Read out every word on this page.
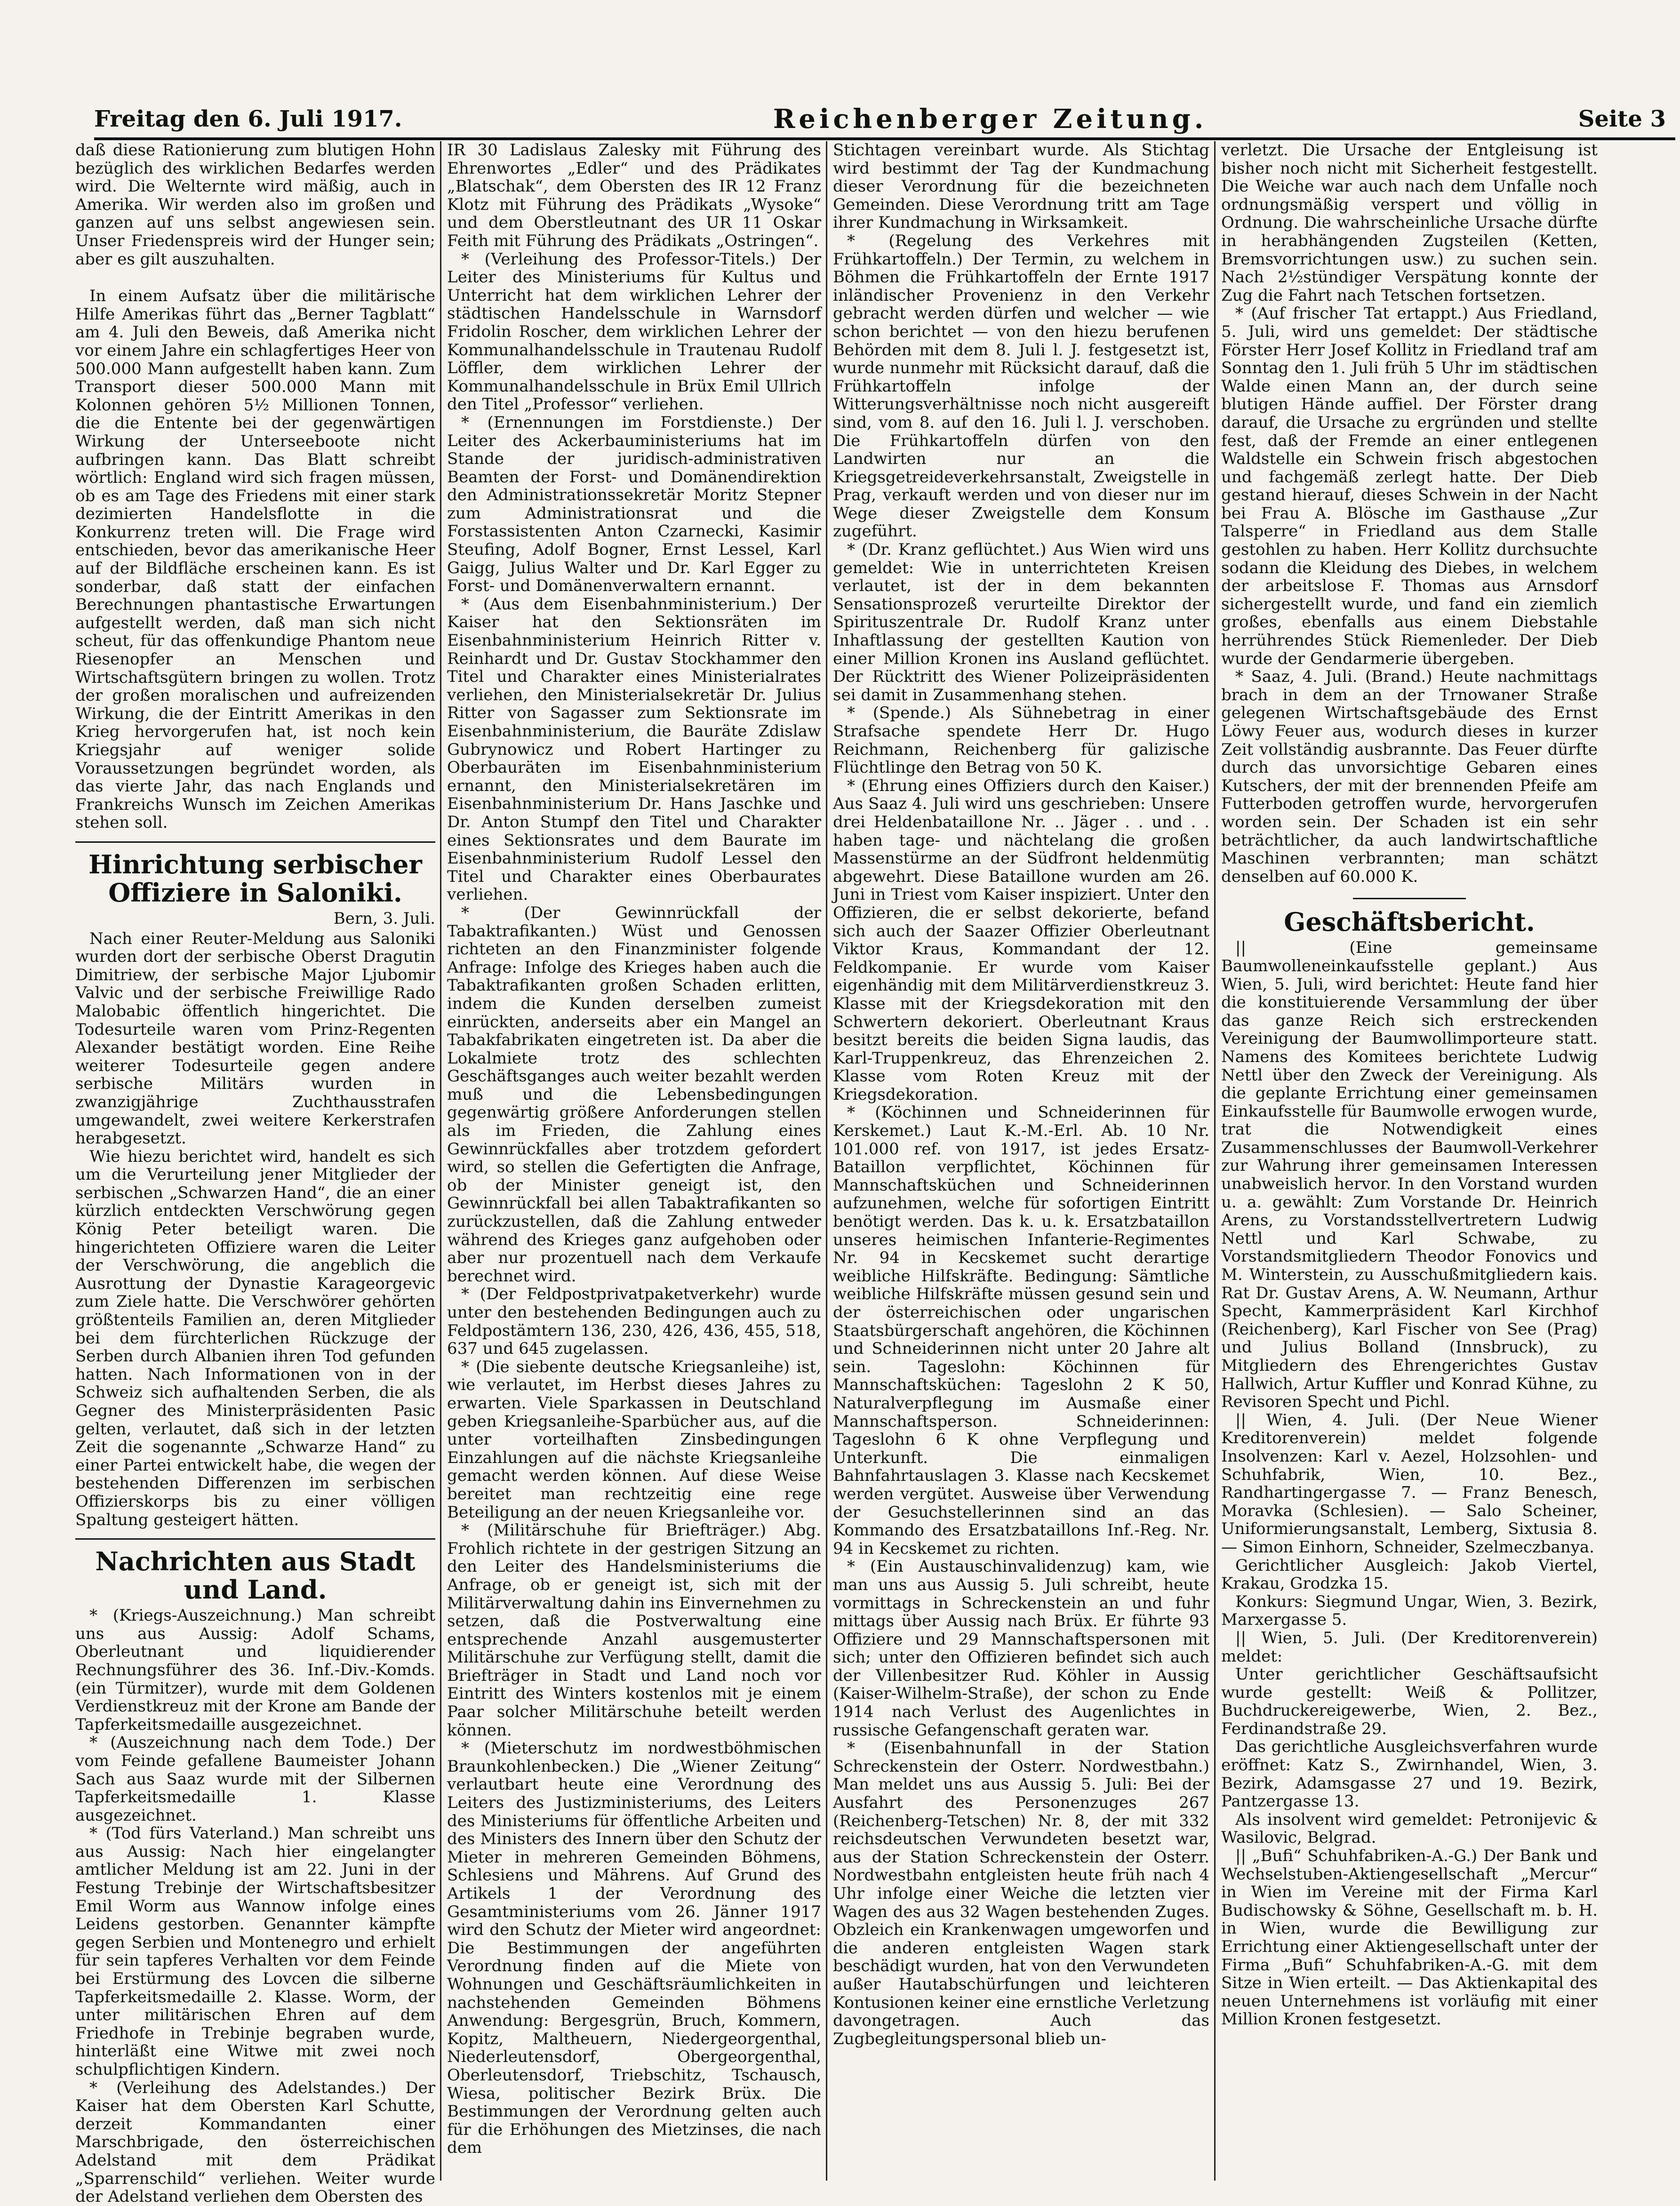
Freitag den 6. Juli 1917.	Reichenberger Zeitung.	Seite 3

daß diese Rationierung zum blutigen Hohn bezüglich des wirklichen Bedarfes werden wird. Die Welternte wird mäßig, auch in Amerika. Wir werden also im großen und ganzen auf uns selbst angewiesen sein. Unser Friedenspreis wird der Hunger sein; aber es gilt auszuhalten.

In einem Aufsatz über die militärische Hilfe Amerikas führt das „Berner Tagblatt“ am 4. Juli den Beweis, daß Amerika nicht vor einem Jahre ein schlagfertiges Heer von 500.000 Mann aufgestellt haben kann. Zum Transport dieser 500.000 Mann mit Kolonnen gehören 5½ Millionen Tonnen, die die Entente bei der gegenwärtigen Wirkung der Unterseeboote nicht aufbringen kann. Das Blatt schreibt wörtlich: England wird sich fragen müssen, ob es am Tage des Friedens mit einer stark dezimierten Handelsflotte in die Konkurrenz treten will. Die Frage wird entschieden, bevor das amerikanische Heer auf der Bildfläche erscheinen kann. Es ist sonderbar, daß statt der einfachen Berechnungen phantastische Erwartungen aufgestellt werden, daß man sich nicht scheut, für das offenkundige Phantom neue Riesenopfer an Menschen und Wirtschaftsgütern bringen zu wollen. Trotz der großen moralischen und aufreizenden Wirkung, die der Eintritt Amerikas in den Krieg hervorgerufen hat, ist noch kein Kriegsjahr auf weniger solide Voraussetzungen begründet worden, als das vierte Jahr, das nach Englands und Frankreichs Wunsch im Zeichen Amerikas stehen soll.

Hinrichtung serbischer Offiziere in Saloniki.
Bern, 3. Juli.

Nach einer Reuter-Meldung aus Saloniki wurden dort der serbische Oberst Dragutin Dimitriew, der serbische Major Ljubomir Valvic und der serbische Freiwillige Rado Malobabic öffentlich hingerichtet. Die Todesurteile waren vom Prinz-Regenten Alexander bestätigt worden. Eine Reihe weiterer Todesurteile gegen andere serbische Militärs wurden in zwanzigjährige Zuchthausstrafen umgewandelt, zwei weitere Kerkerstrafen herabgesetzt.

Wie hiezu berichtet wird, handelt es sich um die Verurteilung jener Mitglieder der serbischen „Schwarzen Hand“, die an einer kürzlich entdeckten Verschwörung gegen König Peter beteiligt waren. Die hingerichteten Offiziere waren die Leiter der Verschwörung, die angeblich die Ausrottung der Dynastie Karageorgevic zum Ziele hatte. Die Verschwörer gehörten größtenteils Familien an, deren Mitglieder bei dem fürchterlichen Rückzuge der Serben durch Albanien ihren Tod gefunden hatten. Nach Informationen von in der Schweiz sich aufhaltenden Serben, die als Gegner des Ministerpräsidenten Pasic gelten, verlautet, daß sich in der letzten Zeit die sogenannte „Schwarze Hand“ zu einer Partei entwickelt habe, die wegen der bestehenden Differenzen im serbischen Offizierskorps bis zu einer völligen Spaltung gesteigert hätten.

Nachrichten aus Stadt und Land.

* (Kriegs-Auszeichnung.) Man schreibt uns aus Aussig: Adolf Schams, Oberleutnant und liquidierender Rechnungsführer des 36. Inf.-Div.-Komds. (ein Türmitzer), wurde mit dem Goldenen Verdienstkreuz mit der Krone am Bande der Tapferkeitsmedaille ausgezeichnet.

* (Auszeichnung nach dem Tode.) Der vom Feinde gefallene Baumeister Johann Sach aus Saaz wurde mit der Silbernen Tapferkeitsmedaille 1. Klasse ausgezeichnet.

* (Tod fürs Vaterland.) Man schreibt uns aus Aussig: Nach hier eingelangter amtlicher Meldung ist am 22. Juni in der Festung Trebinje der Wirtschaftsbesitzer Emil Worm aus Wannow infolge eines Leidens gestorben. Genannter kämpfte gegen Serbien und Montenegro und erhielt für sein tapferes Verhalten vor dem Feinde bei Erstürmung des Lovcen die silberne Tapferkeitsmedaille 2. Klasse. Worm, der unter militärischen Ehren auf dem Friedhofe in Trebinje begraben wurde, hinterläßt eine Witwe mit zwei noch schulpflichtigen Kindern.

* (Verleihung des Adelstandes.) Der Kaiser hat dem Obersten Karl Schutte, derzeit Kommandanten einer Marschbrigade, den österreichischen Adelstand mit dem Prädikat „Sparrenschild“ verliehen. Weiter wurde der Adelstand verliehen dem Obersten des

IR 30 Ladislaus Zalesky mit Führung des Ehrenwortes „Edler“ und des Prädikates „Blatschak“, dem Obersten des IR 12 Franz Klotz mit Führung des Prädikats „Wysoke“ und dem Oberstleutnant des UR 11 Oskar Feith mit Führung des Prädikats „Ostringen“.

* (Verleihung des Professor-Titels.) Der Leiter des Ministeriums für Kultus und Unterricht hat dem wirklichen Lehrer der städtischen Handelsschule in Warnsdorf Fridolin Roscher, dem wirklichen Lehrer der Kommunalhandelsschule in Trautenau Rudolf Löffler, dem wirklichen Lehrer der Kommunalhandelsschule in Brüx Emil Ullrich den Titel „Professor“ verliehen.

* (Ernennungen im Forstdienste.) Der Leiter des Ackerbauministeriums hat im Stande der juridisch-administrativen Beamten der Forst- und Domänendirektion den Administrationssekretär Moritz Stepner zum Administrationsrat und die Forstassistenten Anton Czarnecki, Kasimir Steufing, Adolf Bogner, Ernst Lessel, Karl Gaigg, Julius Walter und Dr. Karl Egger zu Forst- und Domänenverwaltern ernannt.

* (Aus dem Eisenbahnministerium.) Der Kaiser hat den Sektionsräten im Eisenbahnministerium Heinrich Ritter v. Reinhardt und Dr. Gustav Stockhammer den Titel und Charakter eines Ministerialrates verliehen, den Ministerialsekretär Dr. Julius Ritter von Sagasser zum Sektionsrate im Eisenbahnministerium, die Bauräte Zdislaw Gubrynowicz und Robert Hartinger zu Oberbauräten im Eisenbahnministerium ernannt, den Ministerialsekretären im Eisenbahnministerium Dr. Hans Jaschke und Dr. Anton Stumpf den Titel und Charakter eines Sektionsrates und dem Baurate im Eisenbahnministerium Rudolf Lessel den Titel und Charakter eines Oberbaurates verliehen.

* (Der Gewinnrückfall der Tabaktrafikanten.) Wüst und Genossen richteten an den Finanzminister folgende Anfrage: Infolge des Krieges haben auch die Tabaktrafikanten großen Schaden erlitten, indem die Kunden derselben zumeist einrückten, anderseits aber ein Mangel an Tabakfabrikaten eingetreten ist. Da aber die Lokalmiete trotz des schlechten Geschäftsganges auch weiter bezahlt werden muß und die Lebensbedingungen gegenwärtig größere Anforderungen stellen als im Frieden, die Zahlung eines Gewinnrückfalles aber trotzdem gefordert wird, so stellen die Gefertigten die Anfrage, ob der Minister geneigt ist, den Gewinnrückfall bei allen Tabaktrafikanten so zurückzustellen, daß die Zahlung entweder während des Krieges ganz aufgehoben oder aber nur prozentuell nach dem Verkaufe berechnet wird.

* (Der Feldpostprivatpaketverkehr) wurde unter den bestehenden Bedingungen auch zu Feldpostämtern 136, 230, 426, 436, 455, 518, 637 und 645 zugelassen.

* (Die siebente deutsche Kriegsanleihe) ist, wie verlautet, im Herbst dieses Jahres zu erwarten. Viele Sparkassen in Deutschland geben Kriegsanleihe-Sparbücher aus, auf die unter vorteilhaften Zinsbedingungen Einzahlungen auf die nächste Kriegsanleihe gemacht werden können. Auf diese Weise bereitet man rechtzeitig eine rege Beteiligung an der neuen Kriegsanleihe vor.

* (Militärschuhe für Briefträger.) Abg. Frohlich richtete in der gestrigen Sitzung an den Leiter des Handelsministeriums die Anfrage, ob er geneigt ist, sich mit der Militärverwaltung dahin ins Einvernehmen zu setzen, daß die Postverwaltung eine entsprechende Anzahl ausgemusterter Militärschuhe zur Verfügung stellt, damit die Briefträger in Stadt und Land noch vor Eintritt des Winters kostenlos mit je einem Paar solcher Militärschuhe beteilt werden können.

* (Mieterschutz im nordwestböhmischen Braunkohlenbecken.) Die „Wiener Zeitung“ verlautbart heute eine Verordnung des Leiters des Justizministeriums, des Leiters des Ministeriums für öffentliche Arbeiten und des Ministers des Innern über den Schutz der Mieter in mehreren Gemeinden Böhmens, Schlesiens und Mährens. Auf Grund des Artikels 1 der Verordnung des Gesamtministeriums vom 26. Jänner 1917 wird den Schutz der Mieter wird angeordnet: Die Bestimmungen der angeführten Verordnung finden auf die Miete von Wohnungen und Geschäftsräumlichkeiten in nachstehenden Gemeinden Böhmens Anwendung: Bergesgrün, Bruch, Kommern, Kopitz, Maltheuern, Niedergeorgenthal, Niederleutensdorf, Obergeorgenthal, Oberleutensdorf, Triebschitz, Tschausch, Wiesa, politischer Bezirk Brüx. Die Bestimmungen der Verordnung gelten auch für die Erhöhungen des Mietzinses, die nach dem

Stichtagen vereinbart wurde. Als Stichtag wird bestimmt der Tag der Kundmachung dieser Verordnung für die bezeichneten Gemeinden. Diese Verordnung tritt am Tage ihrer Kundmachung in Wirksamkeit.

* (Regelung des Verkehres mit Frühkartoffeln.) Der Termin, zu welchem in Böhmen die Frühkartoffeln der Ernte 1917 inländischer Provenienz in den Verkehr gebracht werden dürfen und welcher — wie schon berichtet — von den hiezu berufenen Behörden mit dem 8. Juli l. J. festgesetzt ist, wurde nunmehr mit Rücksicht darauf, daß die Frühkartoffeln infolge der Witterungsverhältnisse noch nicht ausgereift sind, vom 8. auf den 16. Juli l. J. verschoben. Die Frühkartoffeln dürfen von den Landwirten nur an die Kriegsgetreideverkehrsanstalt, Zweigstelle in Prag, verkauft werden und von dieser nur im Wege dieser Zweigstelle dem Konsum zugeführt.

* (Dr. Kranz geflüchtet.) Aus Wien wird uns gemeldet: Wie in unterrichteten Kreisen verlautet, ist der in dem bekannten Sensationsprozeß verurteilte Direktor der Spirituszentrale Dr. Rudolf Kranz unter Inhaftlassung der gestellten Kaution von einer Million Kronen ins Ausland geflüchtet. Der Rücktritt des Wiener Polizeipräsidenten sei damit in Zusammenhang stehen.

* (Spende.) Als Sühnebetrag in einer Strafsache spendete Herr Dr. Hugo Reichmann, Reichenberg für galizische Flüchtlinge den Betrag von 50 K.

* (Ehrung eines Offiziers durch den Kaiser.) Aus Saaz 4. Juli wird uns geschrieben: Unsere drei Heldenbataillone Nr. .. Jäger . . und . . haben tage- und nächtelang die großen Massenstürme an der Südfront heldenmütig abgewehrt. Diese Bataillone wurden am 26. Juni in Triest vom Kaiser inspiziert. Unter den Offizieren, die er selbst dekorierte, befand sich auch der Saazer Offizier Oberleutnant Viktor Kraus, Kommandant der 12. Feldkompanie. Er wurde vom Kaiser eigenhändig mit dem Militärverdienstkreuz 3. Klasse mit der Kriegsdekoration mit den Schwertern dekoriert. Oberleutnant Kraus besitzt bereits die beiden Signa laudis, das Karl-Truppenkreuz, das Ehrenzeichen 2. Klasse vom Roten Kreuz mit der Kriegsdekoration.

* (Köchinnen und Schneiderinnen für Kerskemet.) Laut K.-M.-Erl. Ab. 10 Nr. 101.000 ref. von 1917, ist jedes Ersatz-Bataillon verpflichtet, Köchinnen für Mannschaftsküchen und Schneiderinnen aufzunehmen, welche für sofortigen Eintritt benötigt werden. Das k. u. k. Ersatzbataillon unseres heimischen Infanterie-Regimentes Nr. 94 in Kecskemet sucht derartige weibliche Hilfskräfte. Bedingung: Sämtliche weibliche Hilfskräfte müssen gesund sein und der österreichischen oder ungarischen Staatsbürgerschaft angehören, die Köchinnen und Schneiderinnen nicht unter 20 Jahre alt sein. Tageslohn: Köchinnen für Mannschaftsküchen: Tageslohn 2 K 50, Naturalverpflegung im Ausmaße einer Mannschaftsperson. Schneiderinnen: Tageslohn 6 K ohne Verpflegung und Unterkunft. Die einmaligen Bahnfahrtauslagen 3. Klasse nach Kecskemet werden vergütet. Ausweise über Verwendung der Gesuchstellerinnen sind an das Kommando des Ersatzbataillons Inf.-Reg. Nr. 94 in Kecskemet zu richten.

* (Ein Austauschinvalidenzug) kam, wie man uns aus Aussig 5. Juli schreibt, heute vormittags in Schreckenstein an und fuhr mittags über Aussig nach Brüx. Er führte 93 Offiziere und 29 Mannschaftspersonen mit sich; unter den Offizieren befindet sich auch der Villenbesitzer Rud. Köhler in Aussig (Kaiser-Wilhelm-Straße), der schon zu Ende 1914 nach Verlust des Augenlichtes in russische Gefangenschaft geraten war.

* (Eisenbahnunfall in der Station Schreckenstein der Osterr. Nordwestbahn.) Man meldet uns aus Aussig 5. Juli: Bei der Ausfahrt des Personenzuges 267 (Reichenberg-Tetschen) Nr. 8, der mit 332 reichsdeutschen Verwundeten besetzt war, aus der Station Schreckenstein der Osterr. Nordwestbahn entgleisten heute früh nach 4 Uhr infolge einer Weiche die letzten vier Wagen des aus 32 Wagen bestehenden Zuges. Obzleich ein Krankenwagen umgeworfen und die anderen entgleisten Wagen stark beschädigt wurden, hat von den Verwundeten außer Hautabschürfungen und leichteren Kontusionen keiner eine ernstliche Verletzung davongetragen. Auch das Zugbegleitungspersonal blieb un-

verletzt. Die Ursache der Entgleisung ist bisher noch nicht mit Sicherheit festgestellt. Die Weiche war auch nach dem Unfalle noch ordnungsmäßig verspert und völlig in Ordnung. Die wahrscheinliche Ursache dürfte in herabhängenden Zugsteilen (Ketten, Bremsvorrichtungen usw.) zu suchen sein. Nach 2½stündiger Verspätung konnte der Zug die Fahrt nach Tetschen fortsetzen.

* (Auf frischer Tat ertappt.) Aus Friedland, 5. Juli, wird uns gemeldet: Der städtische Förster Herr Josef Kollitz in Friedland traf am Sonntag den 1. Juli früh 5 Uhr im städtischen Walde einen Mann an, der durch seine blutigen Hände auffiel. Der Förster drang darauf, die Ursache zu ergründen und stellte fest, daß der Fremde an einer entlegenen Waldstelle ein Schwein frisch abgestochen und fachgemäß zerlegt hatte. Der Dieb gestand hierauf, dieses Schwein in der Nacht bei Frau A. Blösche im Gasthause „Zur Talsperre“ in Friedland aus dem Stalle gestohlen zu haben. Herr Kollitz durchsuchte sodann die Kleidung des Diebes, in welchem der arbeitslose F. Thomas aus Arnsdorf sichergestellt wurde, und fand ein ziemlich großes, ebenfalls aus einem Diebstahle herrührendes Stück Riemenleder. Der Dieb wurde der Gendarmerie übergeben.

* Saaz, 4. Juli. (Brand.) Heute nachmittags brach in dem an der Trnowaner Straße gelegenen Wirtschaftsgebäude des Ernst Löwy Feuer aus, wodurch dieses in kurzer Zeit vollständig ausbrannte. Das Feuer dürfte durch das unvorsichtige Gebaren eines Kutschers, der mit der brennenden Pfeife am Futterboden getroffen wurde, hervorgerufen worden sein. Der Schaden ist ein sehr beträchtlicher, da auch landwirtschaftliche Maschinen verbrannten; man schätzt denselben auf 60.000 K.

Geschäftsbericht.

|| (Eine gemeinsame Baumwolleneinkaufsstelle geplant.) Aus Wien, 5. Juli, wird berichtet: Heute fand hier die konstituierende Versammlung der über das ganze Reich sich erstreckenden Vereinigung der Baumwollimporteure statt. Namens des Komitees berichtete Ludwig Nettl über den Zweck der Vereinigung. Als die geplante Errichtung einer gemeinsamen Einkaufsstelle für Baumwolle erwogen wurde, trat die Notwendigkeit eines Zusammenschlusses der Baumwoll-Verkehrer zur Wahrung ihrer gemeinsamen Interessen unabweislich hervor. In den Vorstand wurden u. a. gewählt: Zum Vorstande Dr. Heinrich Arens, zu Vorstandsstellvertretern Ludwig Nettl und Karl Schwabe, zu Vorstandsmitgliedern Theodor Fonovics und M. Winterstein, zu Ausschußmitgliedern kais. Rat Dr. Gustav Arens, A. W. Neumann, Arthur Specht, Kammerpräsident Karl Kirchhof (Reichenberg), Karl Fischer von See (Prag) und Julius Bolland (Innsbruck), zu Mitgliedern des Ehrengerichtes Gustav Hallwich, Artur Kuffler und Konrad Kühne, zu Revisoren Specht und Pichl.

|| Wien, 4. Juli. (Der Neue Wiener Kreditorenverein) meldet folgende Insolvenzen: Karl v. Aezel, Holzsohlen- und Schuhfabrik, Wien, 10. Bez., Randhartingergasse 7. — Franz Benesch, Moravka (Schlesien). — Salo Scheiner, Uniformierungsanstalt, Lemberg, Sixtusia 8. — Simon Einhorn, Schneider, Szelmeczbanya.

Gerichtlicher Ausgleich: Jakob Viertel, Krakau, Grodzka 15.

Konkurs: Siegmund Ungar, Wien, 3. Bezirk, Marxergasse 5.

|| Wien, 5. Juli. (Der Kreditorenverein) meldet:

Unter gerichtlicher Geschäftsaufsicht wurde gestellt: Weiß & Pollitzer, Buchdruckereigewerbe, Wien, 2. Bez., Ferdinandstraße 29.

Das gerichtliche Ausgleichsverfahren wurde eröffnet: Katz S., Zwirnhandel, Wien, 3. Bezirk, Adamsgasse 27 und 19. Bezirk, Pantzergasse 13.

Als insolvent wird gemeldet: Petronijevic & Wasilovic, Belgrad.

|| „Bufi“ Schuhfabriken-A.-G.) Der Bank und Wechselstuben-Aktiengesellschaft „Mercur“ in Wien im Vereine mit der Firma Karl Budischowsky & Söhne, Gesellschaft m. b. H. in Wien, wurde die Bewilligung zur Errichtung einer Aktiengesellschaft unter der Firma „Bufi“ Schuhfabriken-A.-G. mit dem Sitze in Wien erteilt. — Das Aktienkapital des neuen Unternehmens ist vorläufig mit einer Million Kronen festgesetzt.
